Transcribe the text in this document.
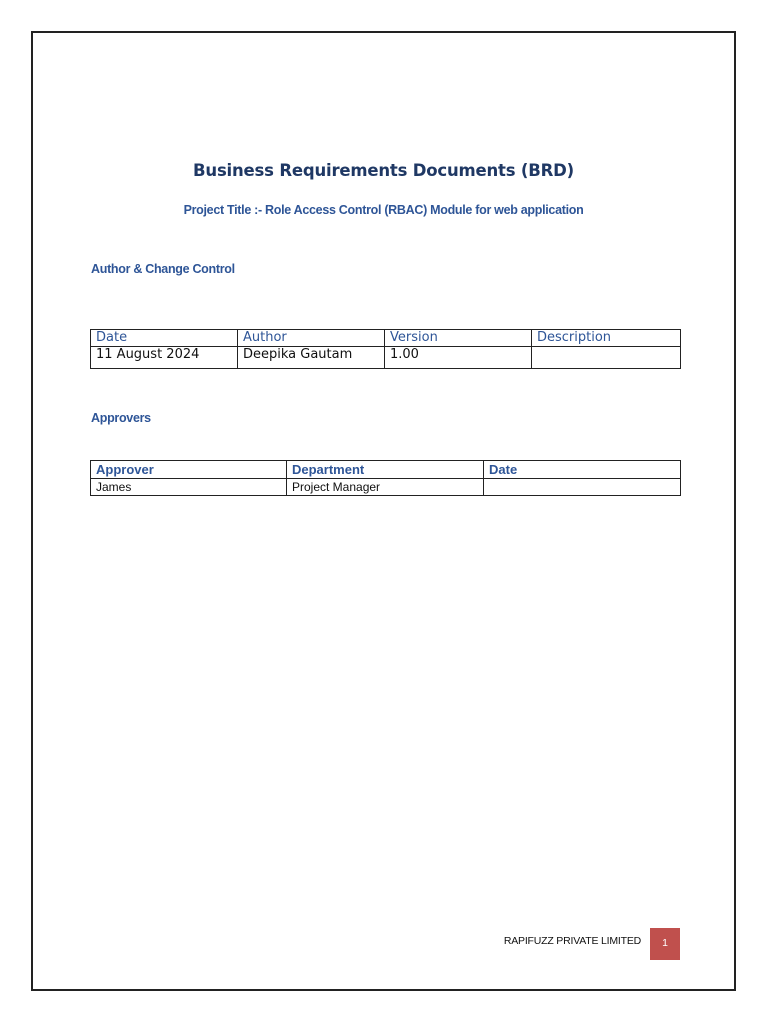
Business Requirements Documents (BRD)
Project Title :- Role Access Control (RBAC) Module for web application
Author & Change Control
Date	Author	Version	Description
11 August 2024	Deepika Gautam	1.00	
Approvers
Approver	Department	Date
James	Project Manager	
RAPIFUZZ PRIVATE LIMITED	1
